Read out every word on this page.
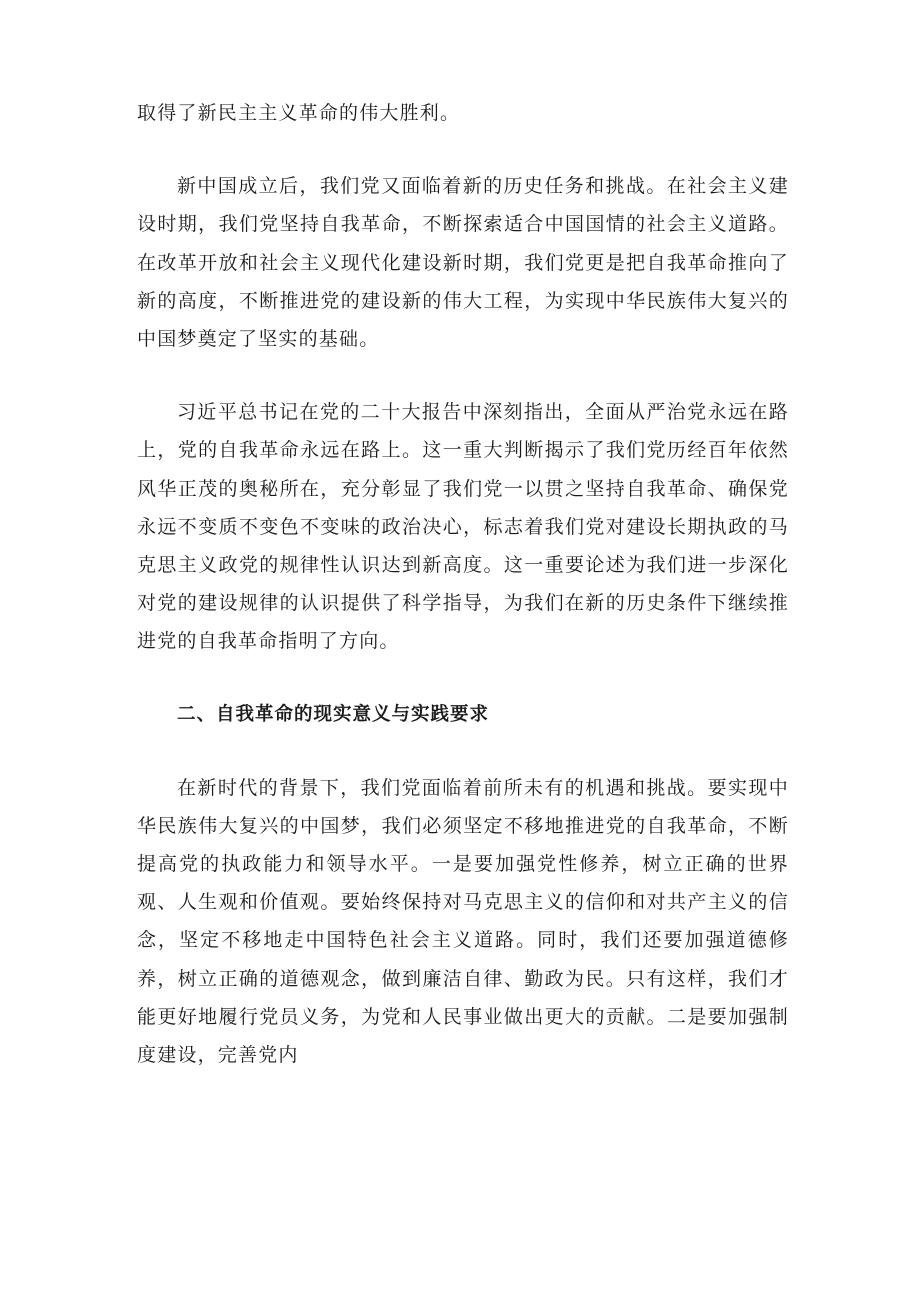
取得了新民主主义革命的伟大胜利。

新中国成立后，我们党又面临着新的历史任务和挑战。在社会主义建设时期，我们党坚持自我革命，不断探索适合中国国情的社会主义道路。在改革开放和社会主义现代化建设新时期，我们党更是把自我革命推向了新的高度，不断推进党的建设新的伟大工程，为实现中华民族伟大复兴的中国梦奠定了坚实的基础。

习近平总书记在党的二十大报告中深刻指出，全面从严治党永远在路上，党的自我革命永远在路上。这一重大判断揭示了我们党历经百年依然风华正茂的奥秘所在，充分彰显了我们党一以贯之坚持自我革命、确保党永远不变质不变色不变味的政治决心，标志着我们党对建设长期执政的马克思主义政党的规律性认识达到新高度。这一重要论述为我们进一步深化对党的建设规律的认识提供了科学指导，为我们在新的历史条件下继续推进党的自我革命指明了方向。

二、自我革命的现实意义与实践要求

在新时代的背景下，我们党面临着前所未有的机遇和挑战。要实现中华民族伟大复兴的中国梦，我们必须坚定不移地推进党的自我革命，不断提高党的执政能力和领导水平。一是要加强党性修养，树立正确的世界观、人生观和价值观。要始终保持对马克思主义的信仰和对共产主义的信念，坚定不移地走中国特色社会主义道路。同时，我们还要加强道德修养，树立正确的道德观念，做到廉洁自律、勤政为民。只有这样，我们才能更好地履行党员义务，为党和人民事业做出更大的贡献。二是要加强制度建设，完善党内
